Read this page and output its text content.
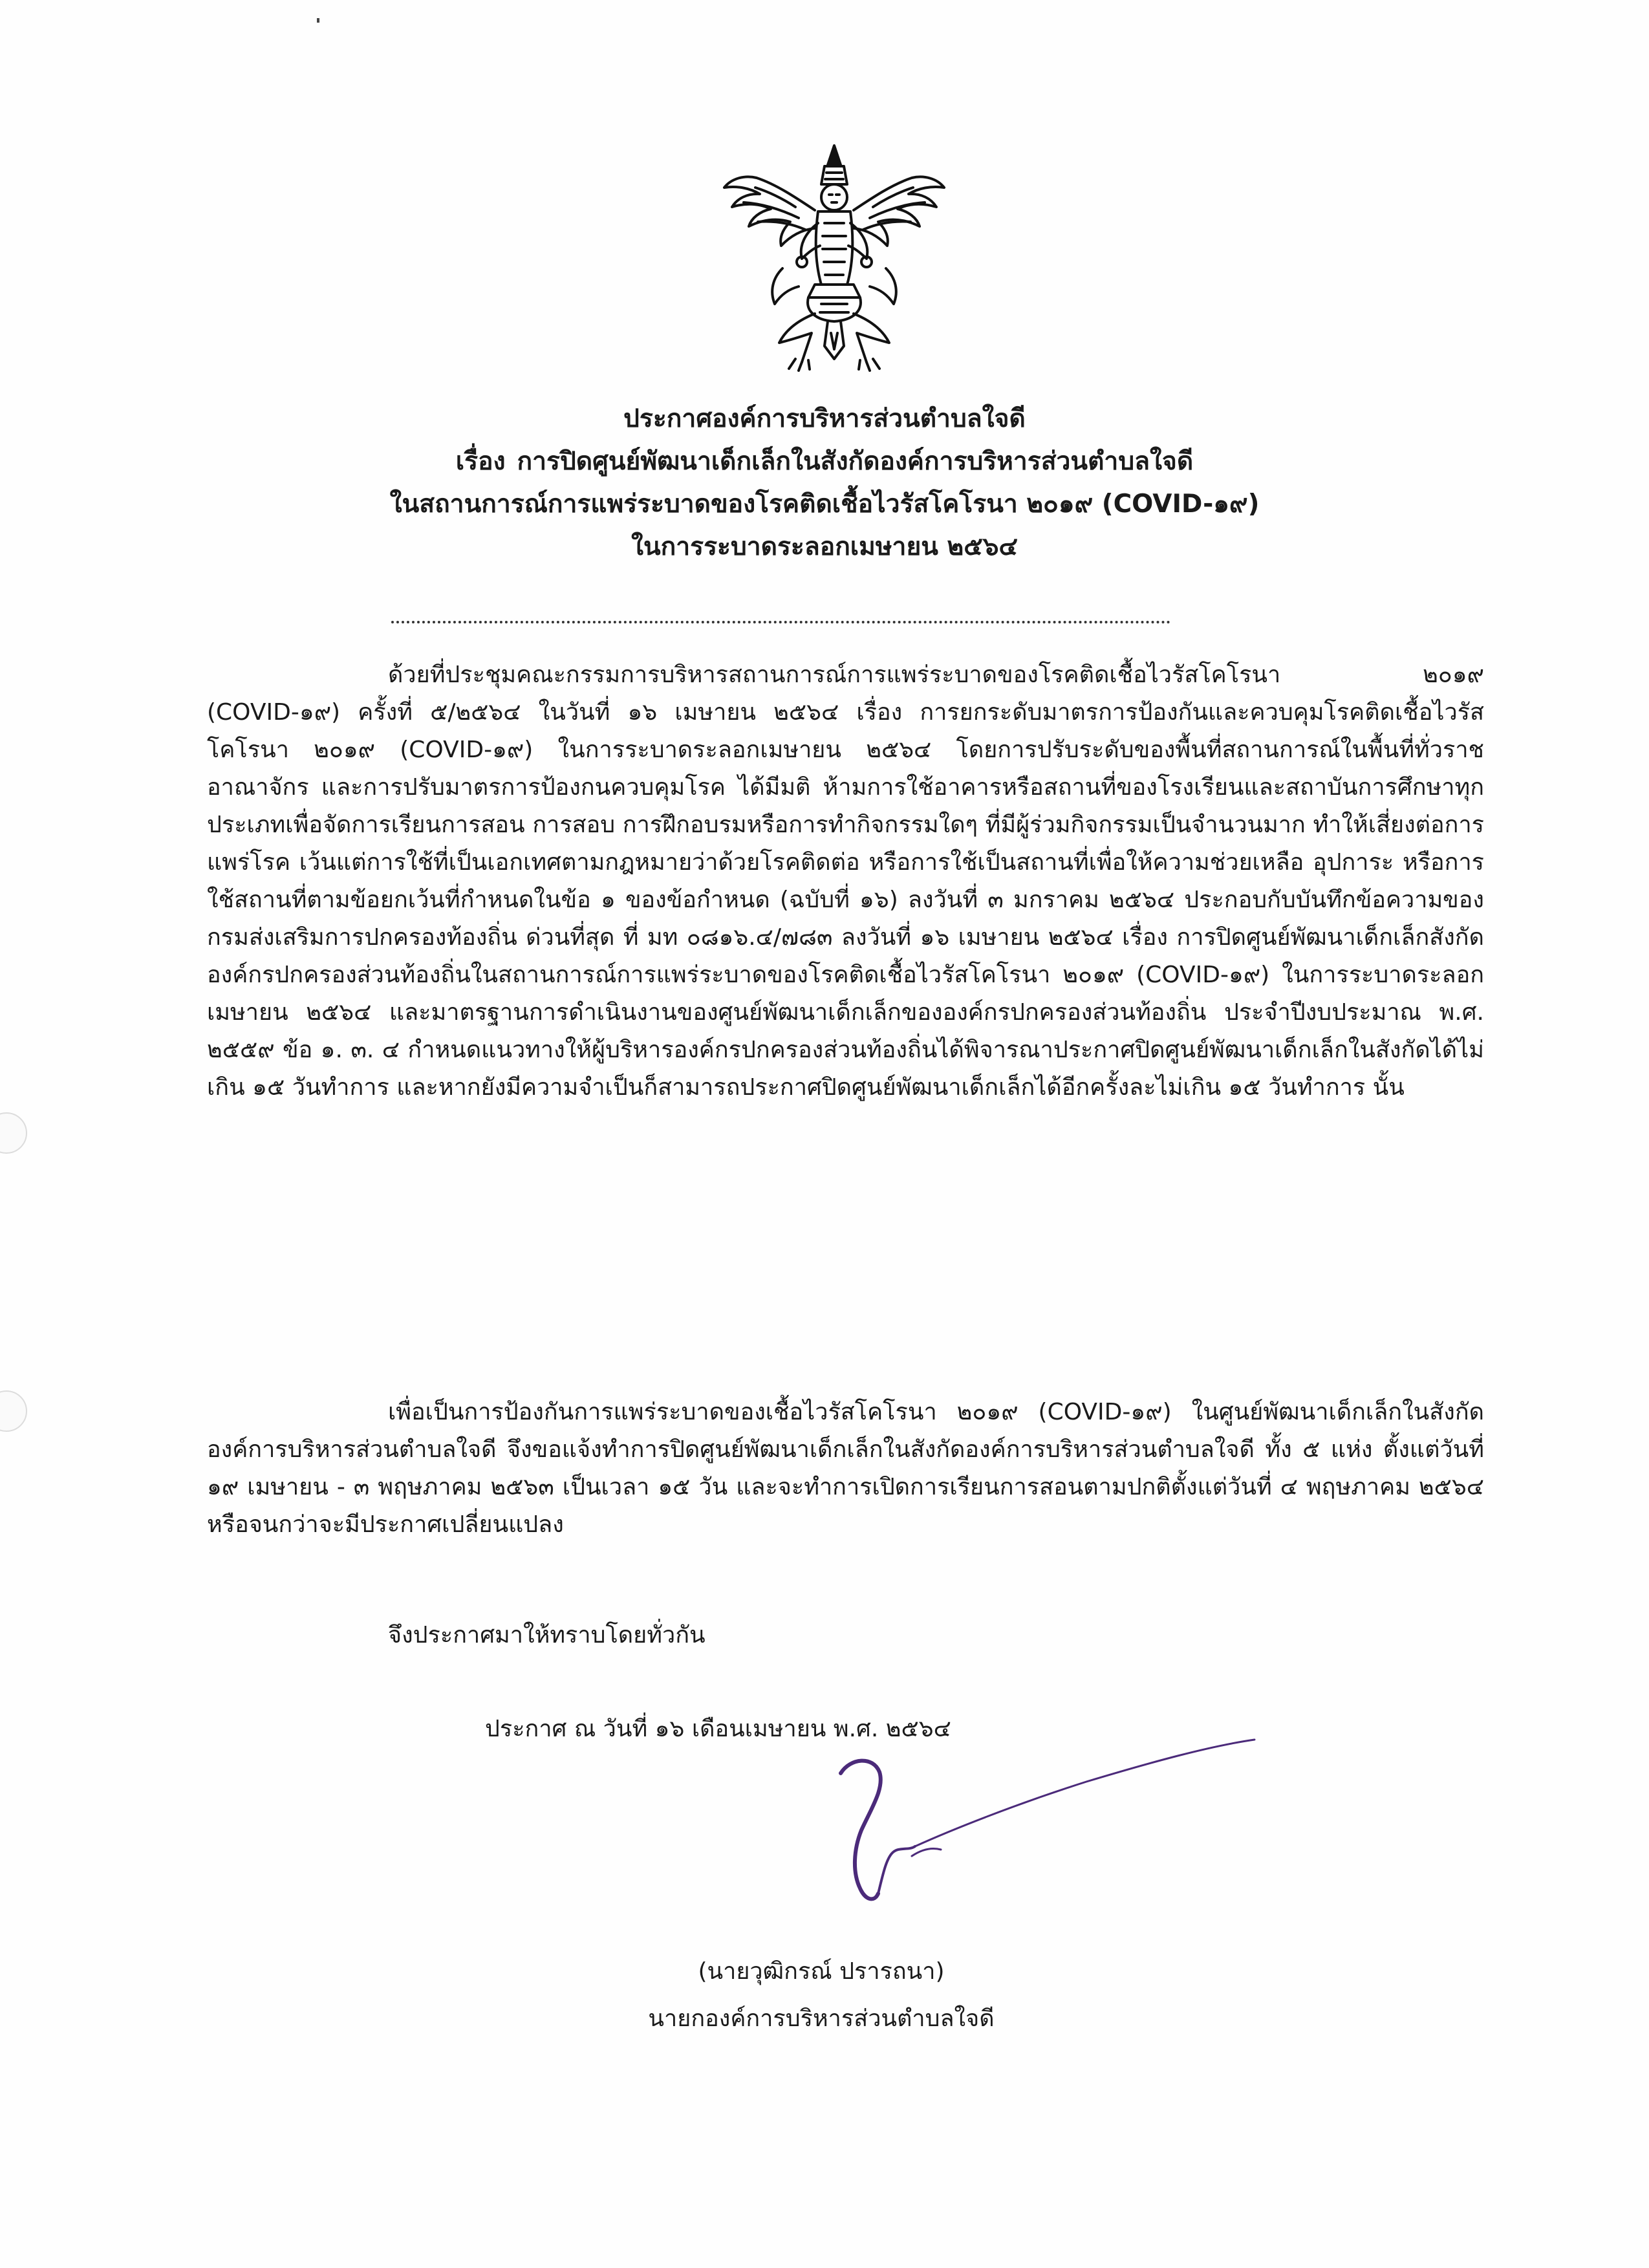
ประกาศองค์การบริหารส่วนตำบลใจดี
เรื่อง การปิดศูนย์พัฒนาเด็กเล็กในสังกัดองค์การบริหารส่วนตำบลใจดี
ในสถานการณ์การแพร่ระบาดของโรคติดเชื้อไวรัสโคโรนา ๒๐๑๙ (COVID-๑๙)
ในการระบาดระลอกเมษายน ๒๕๖๔

ด้วยที่ประชุมคณะกรรมการบริหารสถานการณ์การแพร่ระบาดของโรคติดเชื้อไวรัสโคโรนา ๒๐๑๙ (COVID-๑๙) ครั้งที่ ๕/๒๕๖๔ ในวันที่ ๑๖ เมษายน ๒๕๖๔ เรื่อง การยกระดับมาตรการป้องกันและควบคุมโรคติดเชื้อไวรัสโคโรนา ๒๐๑๙ (COVID-๑๙) ในการระบาดระลอกเมษายน ๒๕๖๔ โดยการปรับระดับของพื้นที่สถานการณ์ในพื้นที่ทั่วราชอาณาจักร และการปรับมาตรการป้องกนควบคุมโรค ได้มีมติ ห้ามการใช้อาคารหรือสถานที่ของโรงเรียนและสถาบันการศึกษาทุกประเภทเพื่อจัดการเรียนการสอน การสอบ การฝึกอบรมหรือการทำกิจกรรมใดๆ ที่มีผู้ร่วมกิจกรรมเป็นจำนวนมาก ทำให้เสี่ยงต่อการแพร่โรค เว้นแต่การใช้ที่เป็นเอกเทศตามกฎหมายว่าด้วยโรคติดต่อ หรือการใช้เป็นสถานที่เพื่อให้ความช่วยเหลือ อุปการะ หรือการใช้สถานที่ตามข้อยกเว้นที่กำหนดในข้อ ๑ ของข้อกำหนด (ฉบับที่ ๑๖) ลงวันที่ ๓ มกราคม ๒๕๖๔ ประกอบกับบันทึกข้อความของกรมส่งเสริมการปกครองท้องถิ่น ด่วนที่สุด ที่ มท ๐๘๑๖.๔/๗๘๓ ลงวันที่ ๑๖ เมษายน ๒๕๖๔ เรื่อง การปิดศูนย์พัฒนาเด็กเล็กสังกัดองค์กรปกครองส่วนท้องถิ่นในสถานการณ์การแพร่ระบาดของโรคติดเชื้อไวรัสโคโรนา ๒๐๑๙ (COVID-๑๙) ในการระบาดระลอกเมษายน ๒๕๖๔ และมาตรฐานการดำเนินงานของศูนย์พัฒนาเด็กเล็กขององค์กรปกครองส่วนท้องถิ่น ประจำปีงบประมาณ พ.ศ. ๒๕๕๙ ข้อ ๑. ๓. ๔ กำหนดแนวทางให้ผู้บริหารองค์กรปกครองส่วนท้องถิ่นได้พิจารณาประกาศปิดศูนย์พัฒนาเด็กเล็กในสังกัดได้ไม่เกิน ๑๕ วันทำการ และหากยังมีความจำเป็นก็สามารถประกาศปิดศูนย์พัฒนาเด็กเล็กได้อีกครั้งละไม่เกิน ๑๕ วันทำการ นั้น

เพื่อเป็นการป้องกันการแพร่ระบาดของเชื้อไวรัสโคโรนา ๒๐๑๙ (COVID-๑๙) ในศูนย์พัฒนาเด็กเล็กในสังกัดองค์การบริหารส่วนตำบลใจดี จึงขอแจ้งทำการปิดศูนย์พัฒนาเด็กเล็กในสังกัดองค์การบริหารส่วนตำบลใจดี ทั้ง ๕ แห่ง ตั้งแต่วันที่ ๑๙ เมษายน - ๓ พฤษภาคม ๒๕๖๓ เป็นเวลา ๑๕ วัน และจะทำการเปิดการเรียนการสอนตามปกติตั้งแต่วันที่ ๔ พฤษภาคม ๒๕๖๔ หรือจนกว่าจะมีประกาศเปลี่ยนแปลง

จึงประกาศมาให้ทราบโดยทั่วกัน
ประกาศ ณ วันที่ ๑๖ เดือนเมษายน พ.ศ. ๒๕๖๔
(นายวุฒิกรณ์ ปรารถนา)
นายกองค์การบริหารส่วนตำบลใจดี
